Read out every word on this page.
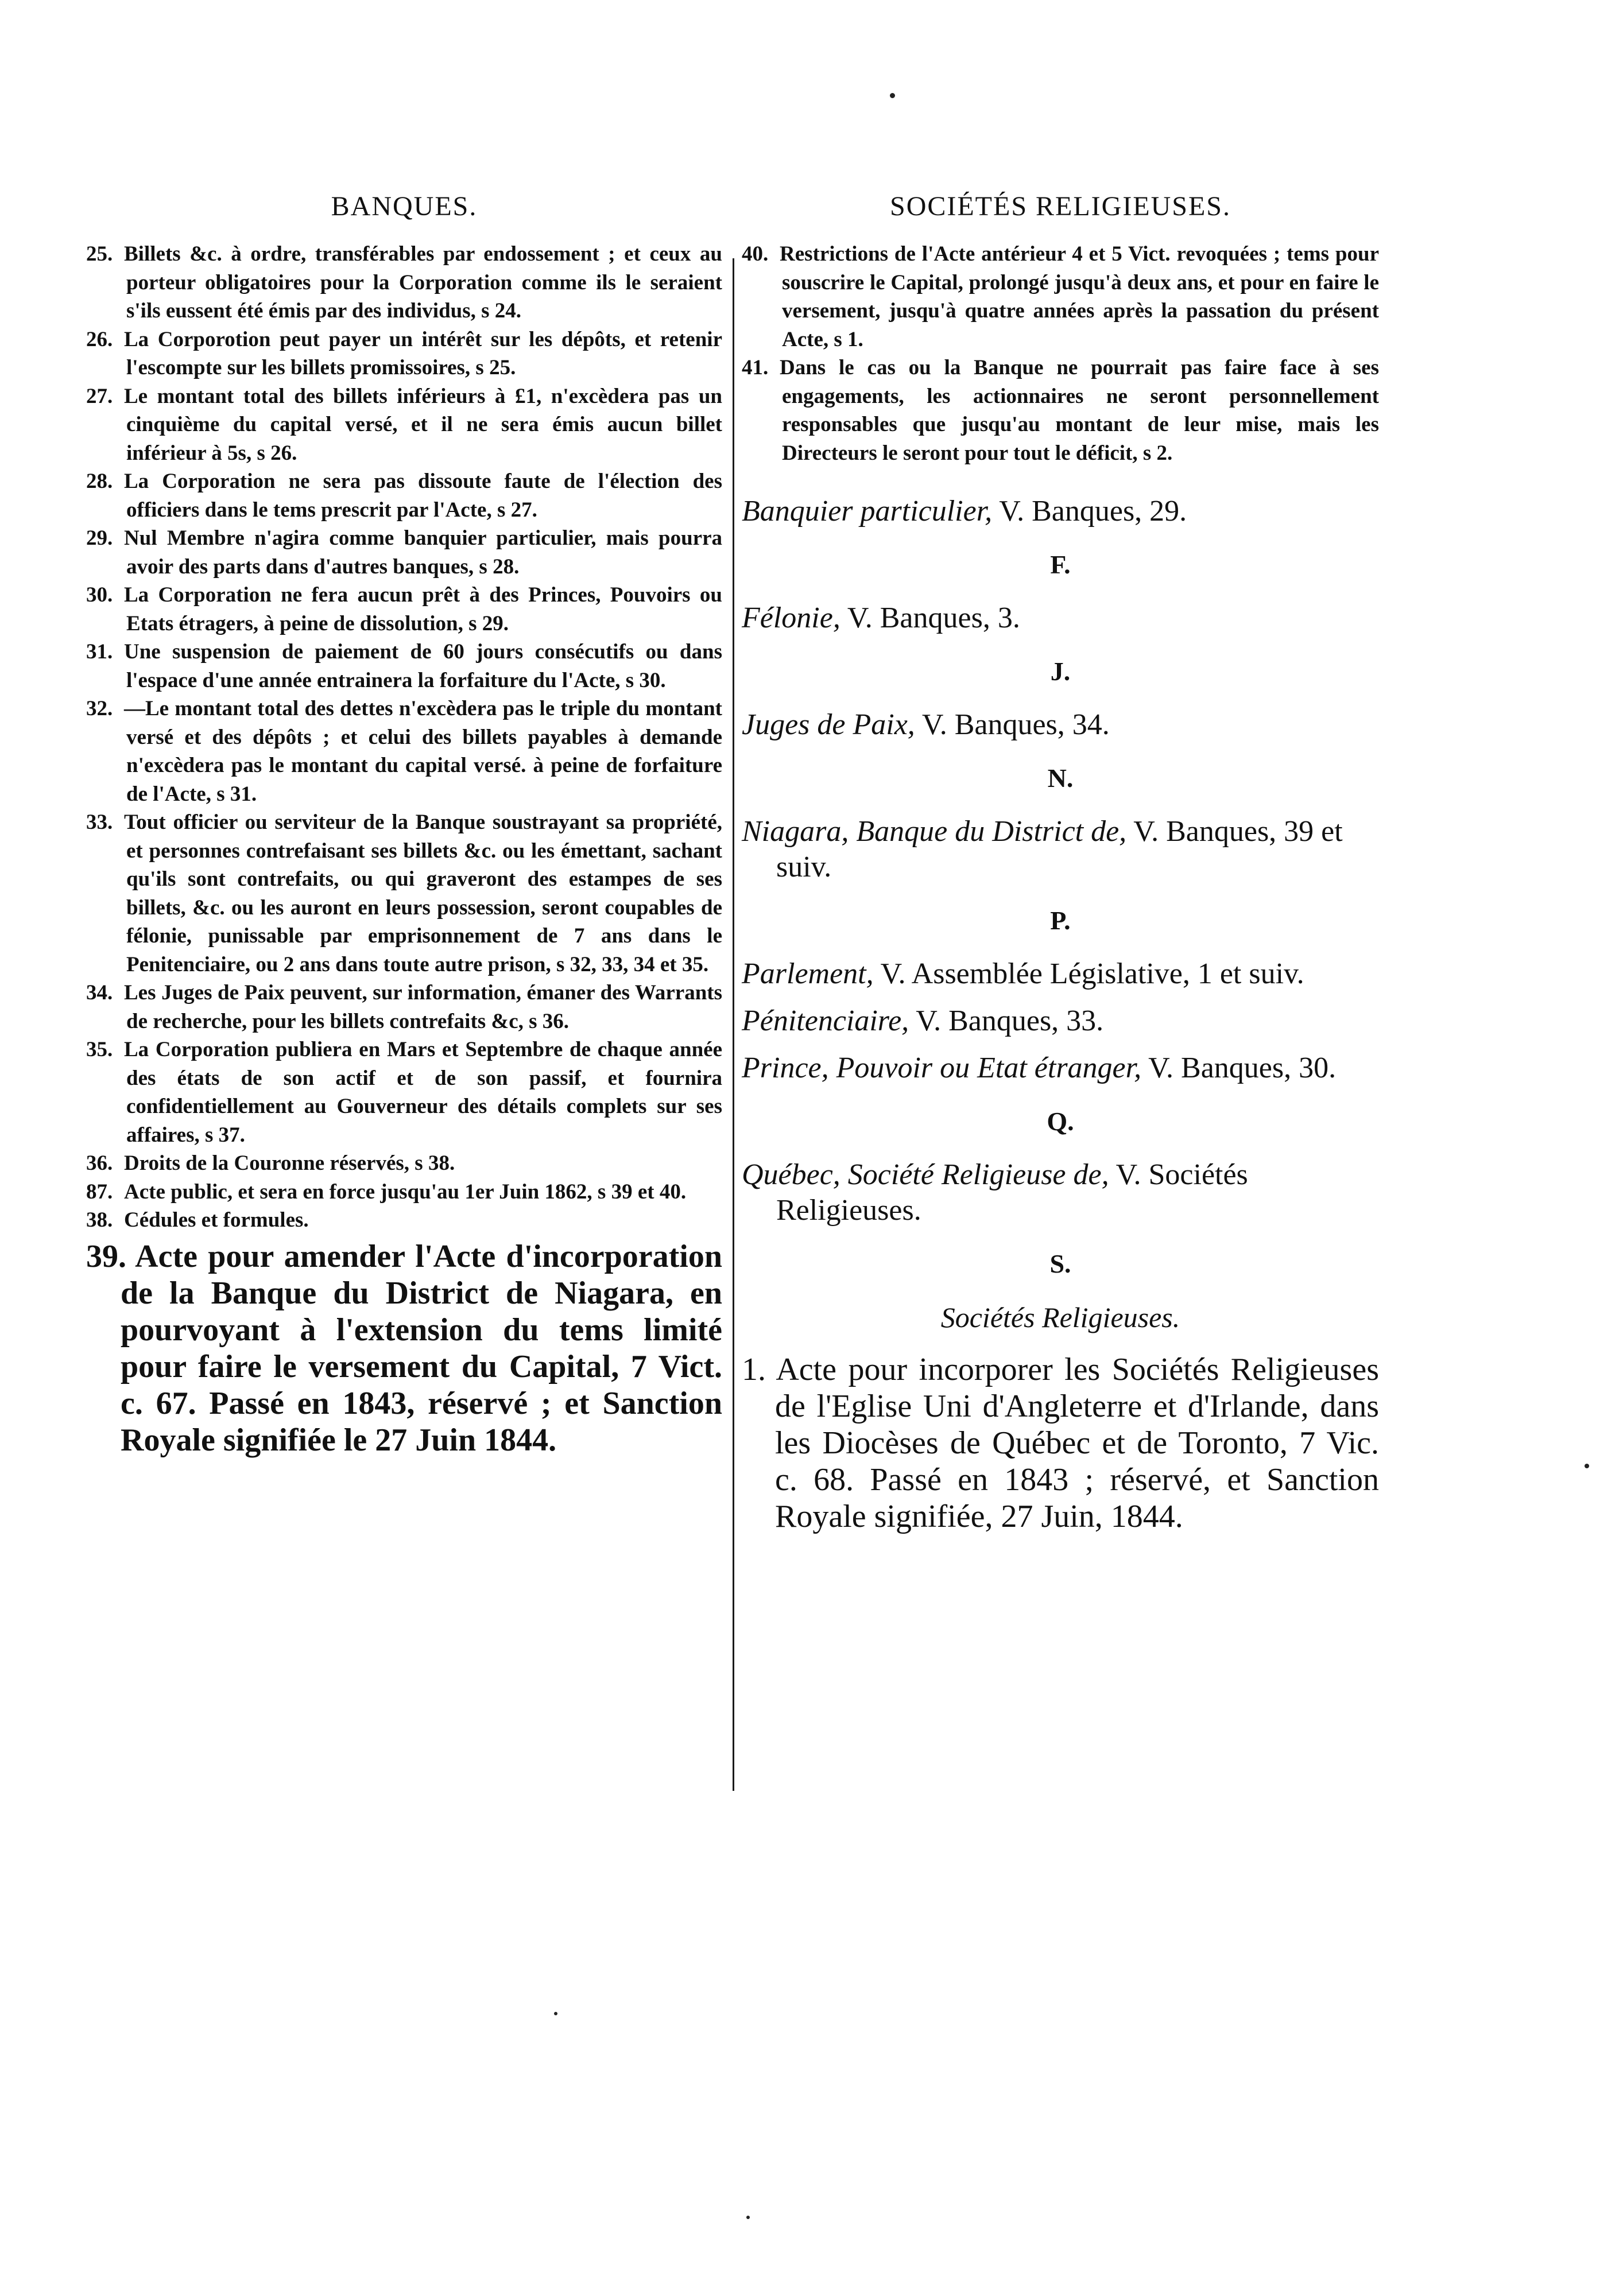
BANQUES.

25. Billets &c. à ordre, transférables par endossement ; et ceux au porteur obligatoires pour la Corporation comme ils le seraient s'ils eussent été émis par des individus, s 24.

26. La Corporotion peut payer un intérêt sur les dépôts, et retenir l'escompte sur les billets promissoires, s 25.

27. Le montant total des billets inférieurs à £1, n'excèdera pas un cinquième du capital versé, et il ne sera émis aucun billet inférieur à 5s, s 26.

28. La Corporation ne sera pas dissoute faute de l'élection des officiers dans le tems prescrit par l'Acte, s 27.

29. Nul Membre n'agira comme banquier particulier, mais pourra avoir des parts dans d'autres banques, s 28.

30. La Corporation ne fera aucun prêt à des Princes, Pouvoirs ou Etats étragers, à peine de dissolution, s 29.

31. Une suspension de paiement de 60 jours consécutifs ou dans l'espace d'une année entrainera la forfaiture du l'Acte, s 30.

32. —Le montant total des dettes n'excèdera pas le triple du montant versé et des dépôts ; et celui des billets payables à demande n'excèdera pas le montant du capital versé. à peine de forfaiture de l'Acte, s 31.

33. Tout officier ou serviteur de la Banque soustrayant sa propriété, et personnes contrefaisant ses billets &c. ou les émettant, sachant qu'ils sont contrefaits, ou qui graveront des estampes de ses billets, &c. ou les auront en leurs possession, seront coupables de félonie, punissable par emprisonnement de 7 ans dans le Penitenciaire, ou 2 ans dans toute autre prison, s 32, 33, 34 et 35.

34. Les Juges de Paix peuvent, sur information, émaner des Warrants de recherche, pour les billets contrefaits &c, s 36.

35. La Corporation publiera en Mars et Septembre de chaque année des états de son actif et de son passif, et fournira confidentiellement au Gouverneur des détails complets sur ses affaires, s 37.

36. Droits de la Couronne réservés, s 38.

87. Acte public, et sera en force jusqu'au 1er Juin 1862, s 39 et 40.

38. Cédules et formules.

39. Acte pour amender l'Acte d'incorporation de la Banque du District de Niagara, en pourvoyant à l'extension du tems limité pour faire le versement du Capital, 7 Vict. c. 67. Passé en 1843, réservé ; et Sanction Royale signifiée le 27 Juin 1844.

SOCIÉTÉS RELIGIEUSES.

40. Restrictions de l'Acte antérieur 4 et 5 Vict. revoquées ; tems pour souscrire le Capital, prolongé jusqu'à deux ans, et pour en faire le versement, jusqu'à quatre années après la passation du présent Acte, s 1.

41. Dans le cas ou la Banque ne pourrait pas faire face à ses engagements, les actionnaires ne seront personnellement responsables que jusqu'au montant de leur mise, mais les Directeurs le seront pour tout le déficit, s 2.

Banquier particulier, V. Banques, 29.

F.

Félonie, V. Banques, 3.

J.

Juges de Paix, V. Banques, 34.

N.

Niagara, Banque du District de, V. Banques, 39 et suiv.

P.

Parlement, V. Assemblée Législative, 1 et suiv.

Pénitenciaire, V. Banques, 33.

Prince, Pouvoir ou Etat étranger, V. Banques, 30.

Q.

Québec, Société Religieuse de, V. Sociétés Religieuses.

S.
Sociétés Religieuses.

1. Acte pour incorporer les Sociétés Religieuses de l'Eglise Uni d'Angleterre et d'Irlande, dans les Diocèses de Québec et de Toronto, 7 Vic. c. 68. Passé en 1843 ; réservé, et Sanction Royale signifiée, 27 Juin, 1844.
